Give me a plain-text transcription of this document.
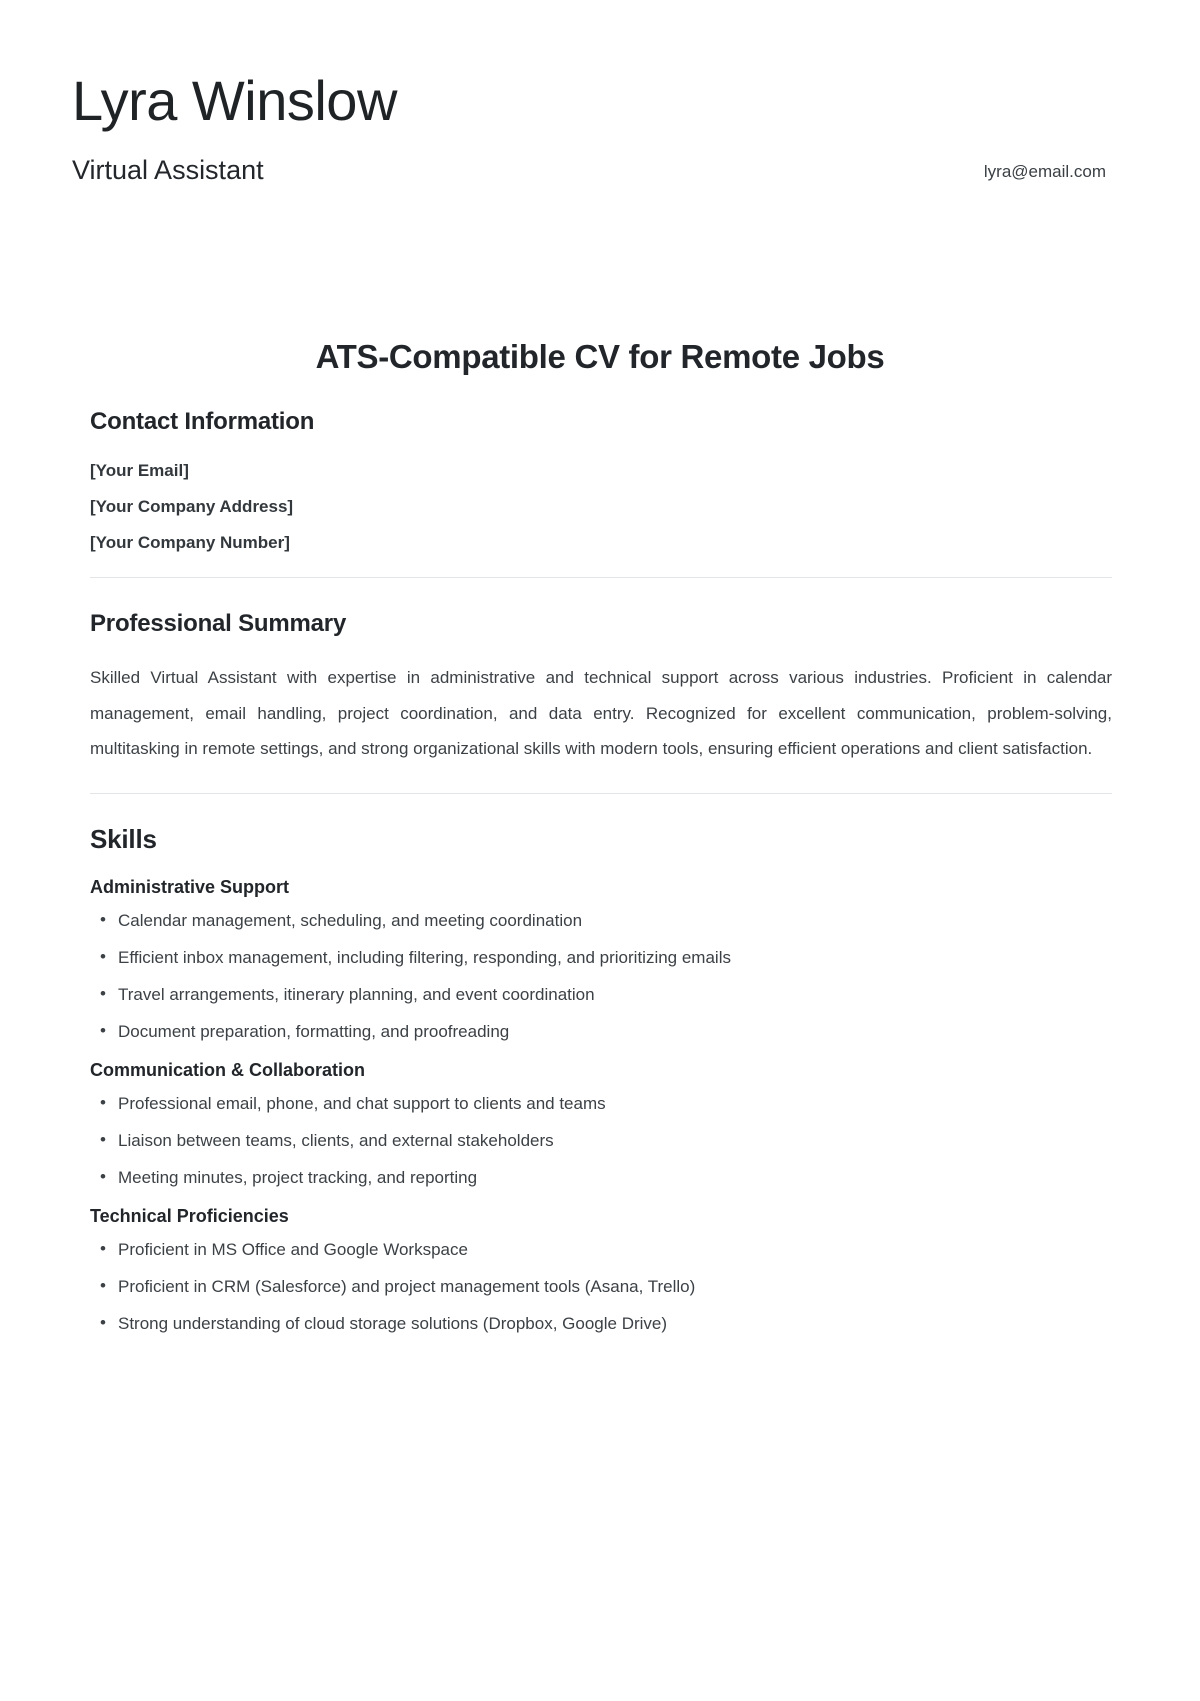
Lyra Winslow
Virtual Assistant	lyra@email.com
ATS-Compatible CV for Remote Jobs
Contact Information
[Your Email]
[Your Company Address]
[Your Company Number]
Professional Summary

Skilled Virtual Assistant with expertise in administrative and technical support across various industries. Proficient in calendar management, email handling, project coordination, and data entry. Recognized for excellent communication, problem-solving, multitasking in remote settings, and strong organizational skills with modern tools, ensuring efficient operations and client satisfaction.

Skills
Administrative Support
• Calendar management, scheduling, and meeting coordination
• Efficient inbox management, including filtering, responding, and prioritizing emails
• Travel arrangements, itinerary planning, and event coordination
• Document preparation, formatting, and proofreading
Communication & Collaboration
• Professional email, phone, and chat support to clients and teams
• Liaison between teams, clients, and external stakeholders
• Meeting minutes, project tracking, and reporting
Technical Proficiencies
• Proficient in MS Office and Google Workspace
• Proficient in CRM (Salesforce) and project management tools (Asana, Trello)
• Strong understanding of cloud storage solutions (Dropbox, Google Drive)
